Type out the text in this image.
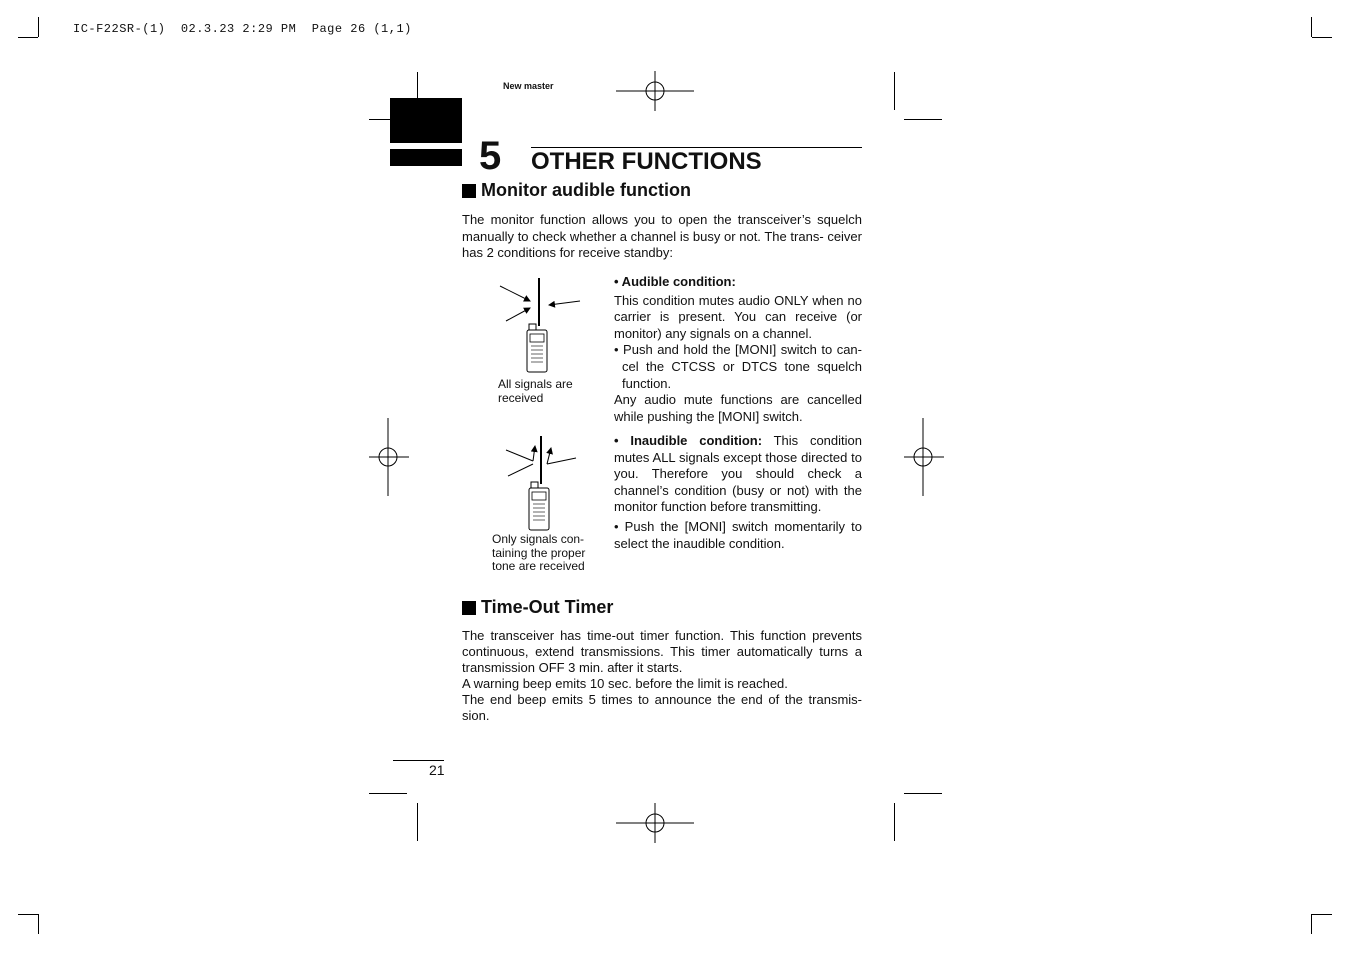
IC-F22SR-(1)  02.3.23 2:29 PM  Page 26 (1,1)
New master
5 OTHER FUNCTIONS
Monitor audible function
The monitor function allows you to open the transceiver’s squelch manually to check whether a channel is busy or not. The trans- ceiver has 2 conditions for receive standby:
All signals are
received
Only signals con-
taining the proper
tone are received

• Audible condition:

This condition mutes audio ONLY when no carrier is present. You can receive (or monitor) any signals on a channel.

• Push and hold the [MONI] switch to can- cel the CTCSS or DTCS tone squelch function.

Any audio mute functions are cancelled while pushing the [MONI] switch.

• Inaudible condition: This condition mutes ALL signals except those directed to you. Therefore you should check a channel’s condition (busy or not) with the monitor function before transmitting.

• Push the [MONI] switch momentarily to select the inaudible condition.

Time-Out Timer

The transceiver has time-out timer function. This function prevents continuous, extend transmissions. This timer automatically turns a transmission OFF 3 min. after it starts.

A warning beep emits 10 sec. before the limit is reached.

The end beep emits 5 times to announce the end of the transmis- sion.

21
